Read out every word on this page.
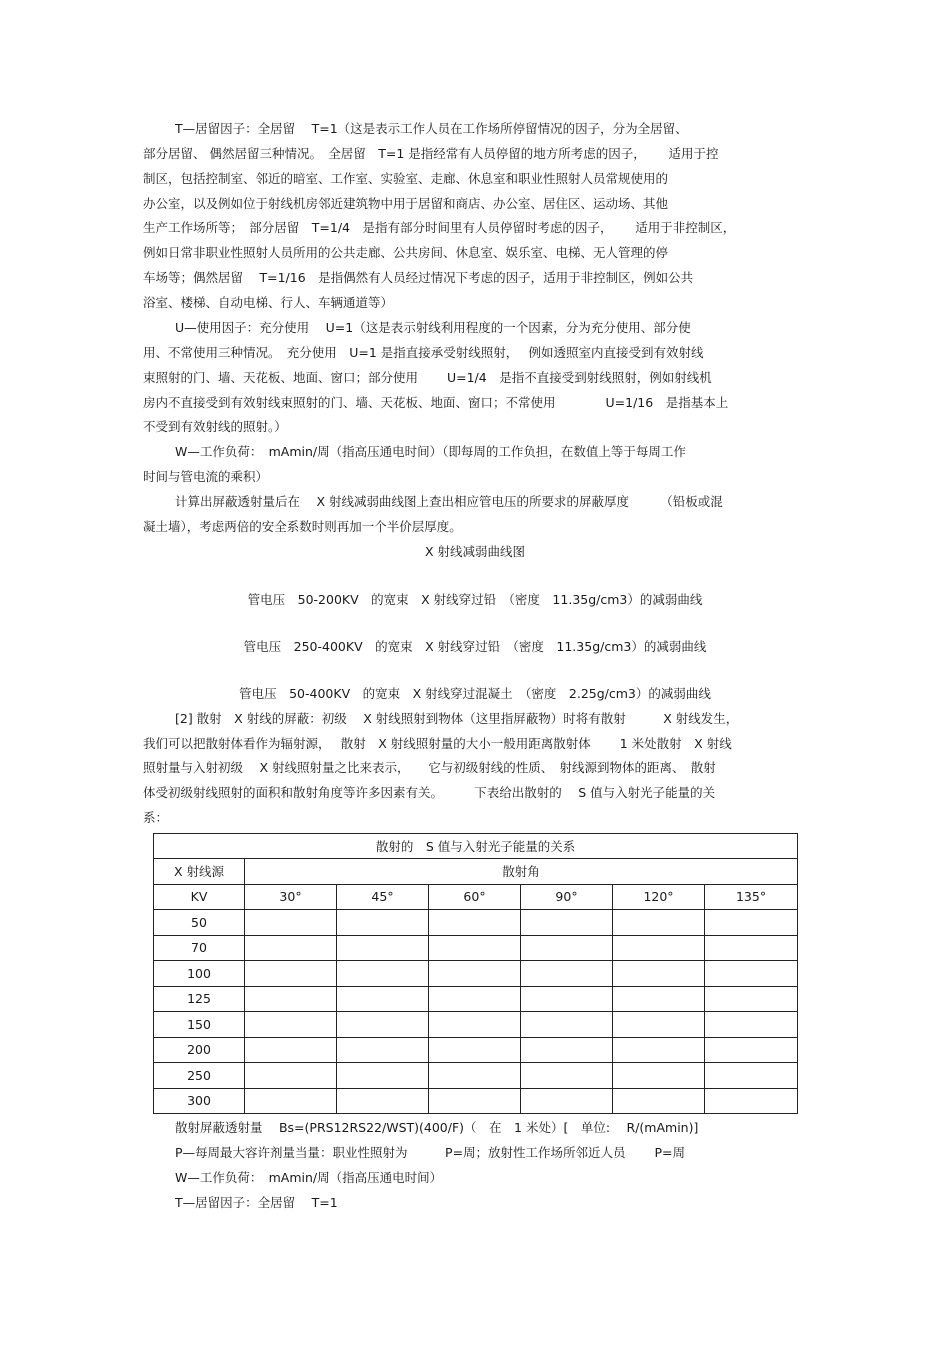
T—居留因子：全居留　 T=1（这是表示工作人员在工作场所停留情况的因子，分为全居留、
部分居留、 偶然居留三种情况。　全居留　T=1 是指经常有人员停留的地方所考虑的因子，　　 适用于控
制区，包括控制室、邻近的暗室、工作室、实验室、走廊、休息室和职业性照射人员常规使用的
办公室，以及例如位于射线机房邻近建筑物中用于居留和商店、办公室、居住区、运动场、其他
生产工作场所等；　部分居留　T=1/4　是指有部分时间里有人员停留时考虑的因子，　　 适用于非控制区，
例如日常非职业性照射人员所用的公共走廊、公共房间、休息室、娱乐室、电梯、无人管理的停
车场等；偶然居留　 T=1/16　是指偶然有人员经过情况下考虑的因子，适用于非控制区，例如公共
浴室、楼梯、自动电梯、行人、车辆通道等）
U—使用因子：充分使用　 U=1（这是表示射线利用程度的一个因素，分为充分使用、部分使
用、不常使用三种情况。　充分使用　U=1 是指直接承受射线照射，　 例如透照室内直接受到有效射线
束照射的门、墙、天花板、地面、窗口；部分使用　　 U=1/4　是指不直接受到射线照射，例如射线机
房内不直接受到有效射线束照射的门、墙、天花板、地面、窗口；不常使用　　　　U=1/16　是指基本上
不受到有效射线的照射。）
W—工作负荷：　mAmin/周（指高压通电时间）（即每周的工作负担，在数值上等于每周工作
时间与管电流的乘积）
计算出屏蔽透射量后在　 X 射线减弱曲线图上查出相应管电压的所要求的屏蔽厚度　　　（铅板或混
凝土墙），考虑两倍的安全系数时则再加一个半价层厚度。
X 射线减弱曲线图
管电压　50-200KV　的宽束　X 射线穿过铅　（密度　11.35g/cm3）的减弱曲线
管电压　250-400KV　的宽束　X 射线穿过铅　（密度　11.35g/cm3）的减弱曲线
管电压　50-400KV　的宽束　X 射线穿过混凝土　（密度　2.25g/cm3）的减弱曲线
[2] 散射　X 射线的屏蔽：初级　 X 射线照射到物体（这里指屏蔽物）时将有散射　　　X 射线发生，
我们可以把散射体看作为辐射源，　 散射　X 射线照射量的大小一般用距离散射体　　 1 米处散射　X 射线
照射量与入射初级　 X 射线照射量之比来表示，　　它与初级射线的性质、　射线源到物体的距离、　散射
体受初级射线照射的面积和散射角度等许多因素有关。　　　下表给出散射的　 S 值与入射光子能量的关
系：
散射的　S 值与入射光子能量的关系						
X 射线源	散射角					
KV	30°	45°	60°	90°	120°	135°
50						
70						
100						
125						
150						
200						
250						
300						
散射屏蔽透射量　 Bs=(PRS12RS22/WST)(400/F)（　在　1 米处）[　单位:　 R/(mAmin)]
P—每周最大容许剂量当量：职业性照射为　　　P=周；放射性工作场所邻近人员　　 P=周
W—工作负荷：　mAmin/周（指高压通电时间）
T—居留因子：全居留　 T=1
